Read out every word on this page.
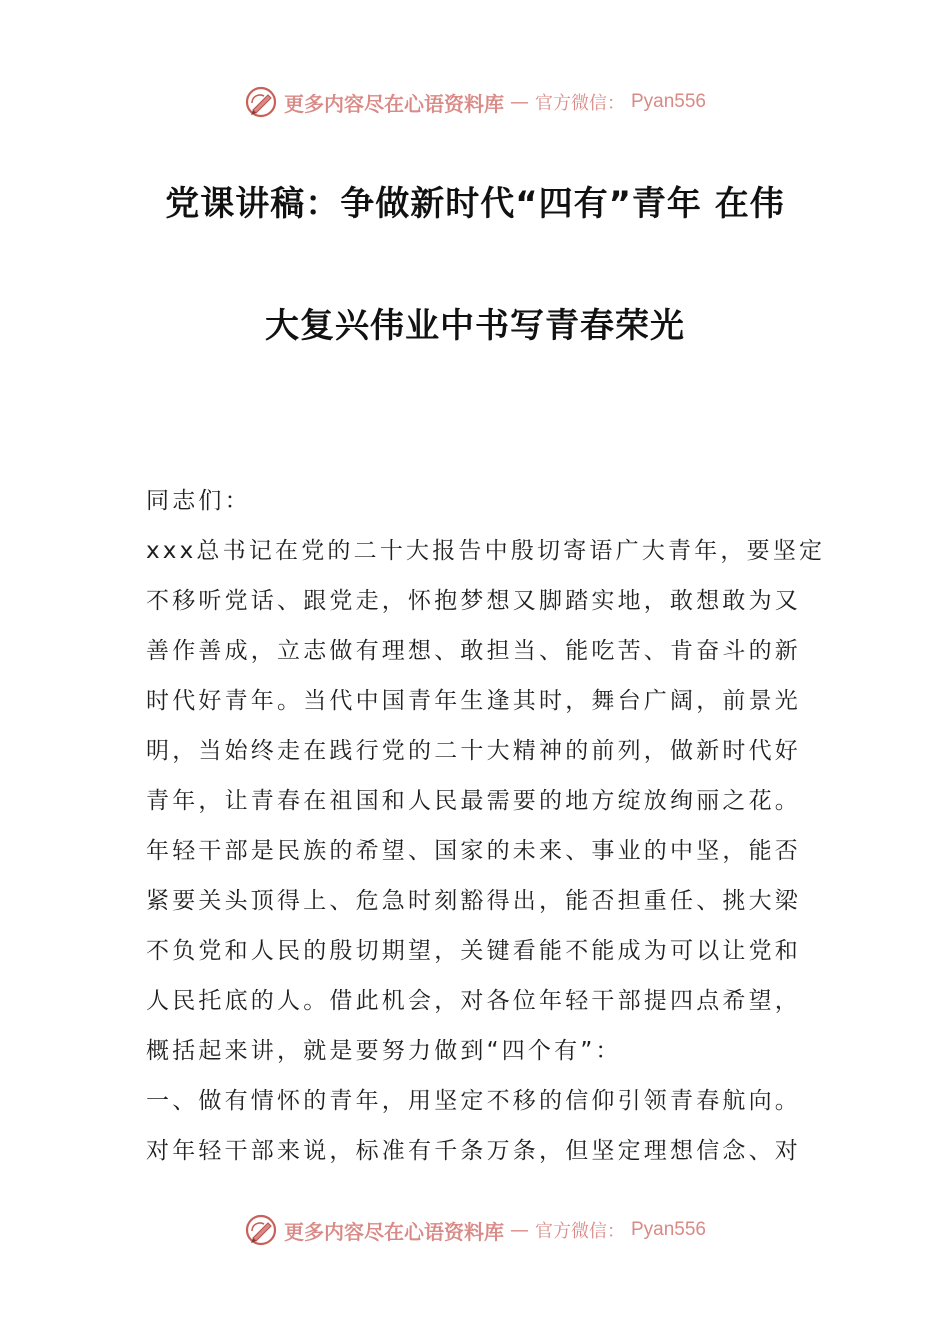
更多内容尽在心语资料库 — 官方微信： Pyan556
党课讲稿：争做新时代“四有”青年 在伟
大复兴伟业中书写青春荣光
同志们：
xxx总书记在党的二十大报告中殷切寄语广大青年，要坚定
不移听党话、跟党走，怀抱梦想又脚踏实地，敢想敢为又
善作善成，立志做有理想、敢担当、能吃苦、肯奋斗的新
时代好青年。当代中国青年生逢其时，舞台广阔，前景光
明，当始终走在践行党的二十大精神的前列，做新时代好
青年，让青春在祖国和人民最需要的地方绽放绚丽之花。
年轻干部是民族的希望、国家的未来、事业的中坚，能否
紧要关头顶得上、危急时刻豁得出，能否担重任、挑大梁
不负党和人民的殷切期望，关键看能不能成为可以让党和
人民托底的人。借此机会，对各位年轻干部提四点希望，
概括起来讲，就是要努力做到“四个有”：
一、做有情怀的青年，用坚定不移的信仰引领青春航向。
对年轻干部来说，标准有千条万条，但坚定理想信念、对
更多内容尽在心语资料库 — 官方微信： Pyan556
